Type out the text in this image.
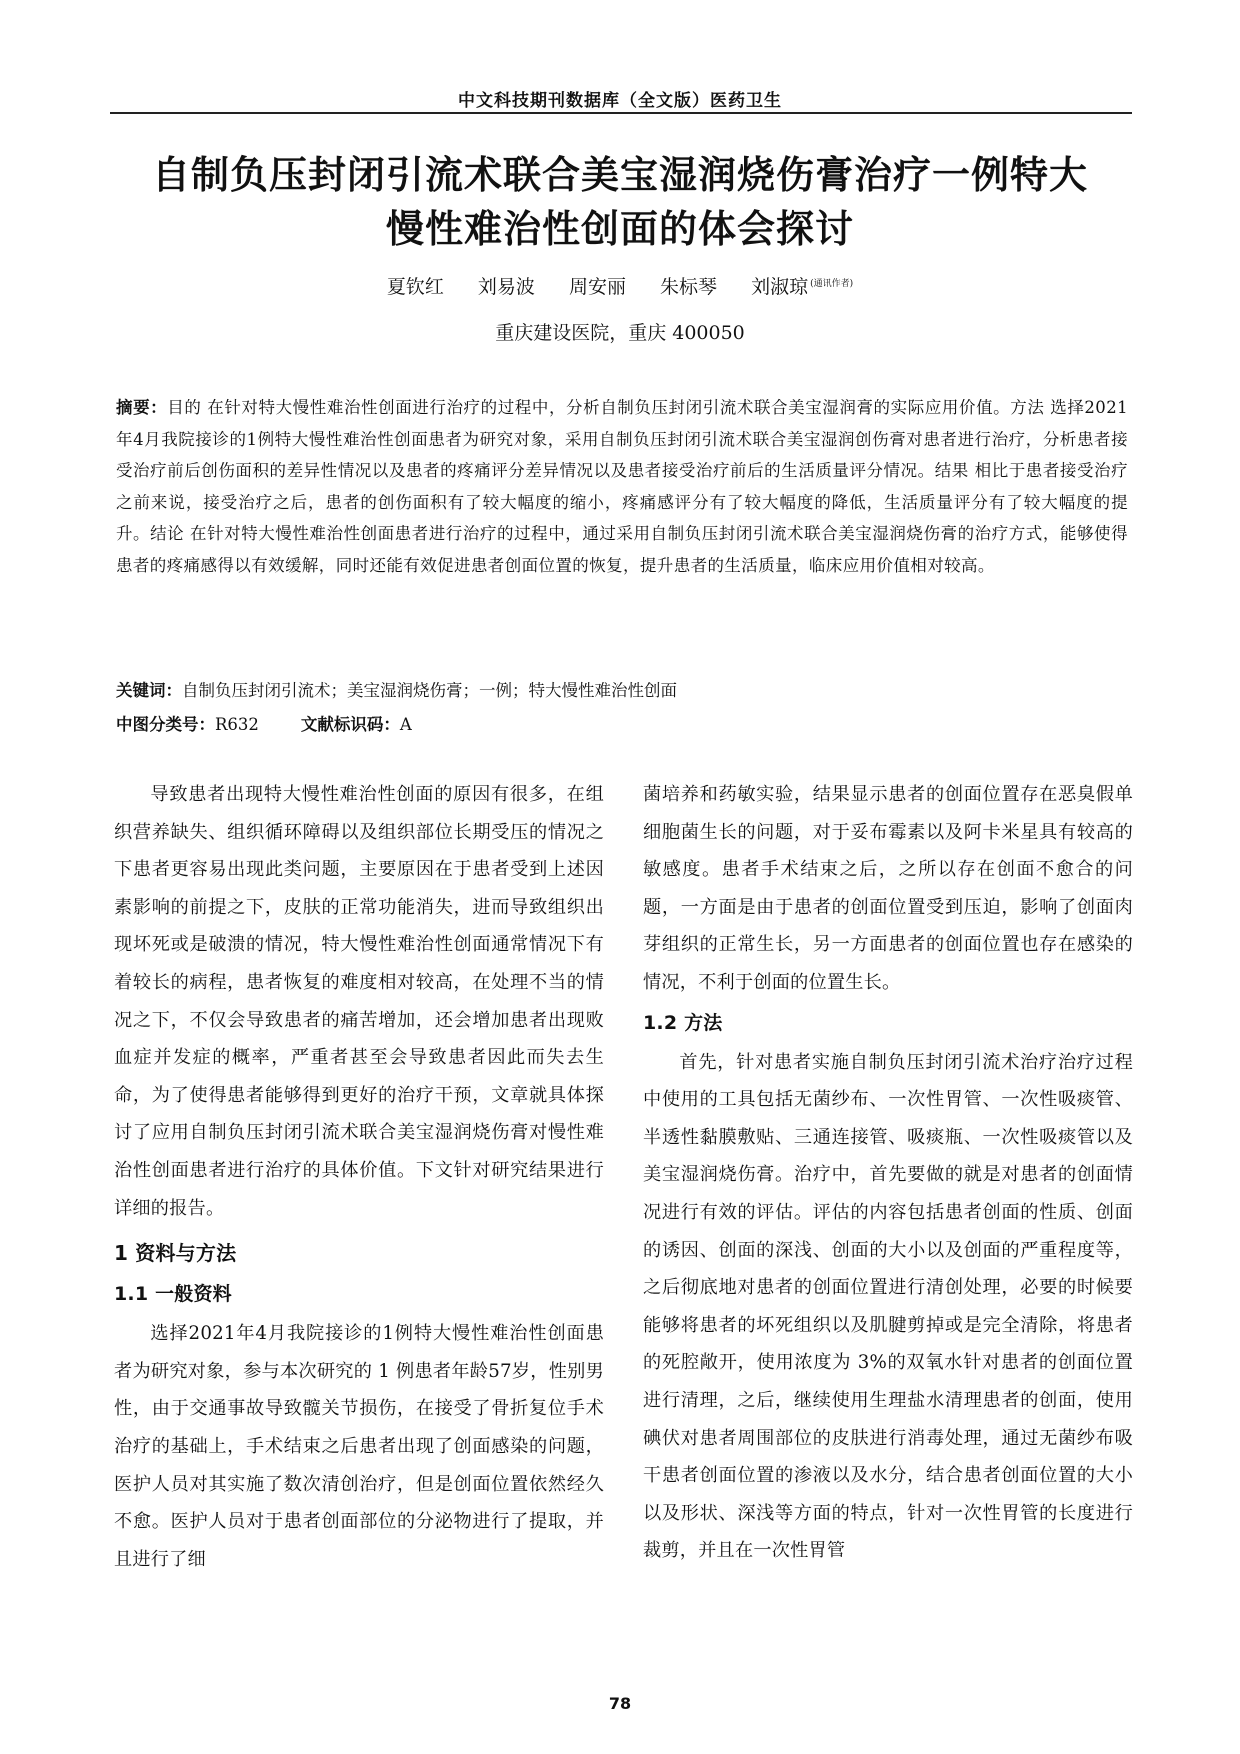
中文科技期刊数据库（全文版）医药卫生
自制负压封闭引流术联合美宝湿润烧伤膏治疗一例特大
慢性难治性创面的体会探讨
夏钦红 刘易波 周安丽 朱标琴 刘淑琼 $^{(通讯作者)}$
重庆建设医院，重庆 400050
摘要：目的 在针对特大慢性难治性创面进行治疗的过程中，分析自制负压封闭引流术联合美宝湿润膏的实际应用价值。方法 选择2021年4月我院接诊的1例特大慢性难治性创面患者为研究对象，采用自制负压封闭引流术联合美宝湿润创伤膏对患者进行治疗，分析患者接受治疗前后创伤面积的差异性情况以及患者的疼痛评分差异情况以及患者接受治疗前后的生活质量评分情况。结果 相比于患者接受治疗之前来说，接受治疗之后，患者的创伤面积有了较大幅度的缩小，疼痛感评分有了较大幅度的降低，生活质量评分有了较大幅度的提升。结论 在针对特大慢性难治性创面患者进行治疗的过程中，通过采用自制负压封闭引流术联合美宝湿润烧伤膏的治疗方式，能够使得患者的疼痛感得以有效缓解，同时还能有效促进患者创面位置的恢复，提升患者的生活质量，临床应用价值相对较高。
关键词：自制负压封闭引流术；美宝湿润烧伤膏；一例；特大慢性难治性创面
中图分类号：R632	文献标识码：A

导致患者出现特大慢性难治性创面的原因有很多，在组织营养缺失、组织循环障碍以及组织部位长期受压的情况之下患者更容易出现此类问题，主要原因在于患者受到上述因素影响的前提之下，皮肤的正常功能消失，进而导致组织出现坏死或是破溃的情况，特大慢性难治性创面通常情况下有着较长的病程，患者恢复的难度相对较高，在处理不当的情况之下，不仅会导致患者的痛苦增加，还会增加患者出现败血症并发症的概率，严重者甚至会导致患者因此而失去生命，为了使得患者能够得到更好的治疗干预，文章就具体探讨了应用自制负压封闭引流术联合美宝湿润烧伤膏对慢性难治性创面患者进行治疗的具体价值。下文针对研究结果进行详细的报告。

1 资料与方法
1.1 一般资料

选择2021年4月我院接诊的1例特大慢性难治性创面患者为研究对象，参与本次研究的 1 例患者年龄57岁，性别男性，由于交通事故导致髋关节损伤，在接受了骨折复位手术治疗的基础上，手术结束之后患者出现了创面感染的问题，医护人员对其实施了数次清创治疗，但是创面位置依然经久不愈。医护人员对于患者创面部位的分泌物进行了提取，并且进行了细

菌培养和药敏实验，结果显示患者的创面位置存在恶臭假单细胞菌生长的问题，对于妥布霉素以及阿卡米星具有较高的敏感度。患者手术结束之后，之所以存在创面不愈合的问题，一方面是由于患者的创面位置受到压迫，影响了创面肉芽组织的正常生长，另一方面患者的创面位置也存在感染的情况，不利于创面的位置生长。

1.2 方法

首先，针对患者实施自制负压封闭引流术治疗治疗过程中使用的工具包括无菌纱布、一次性胃管、一次性吸痰管、半透性黏膜敷贴、三通连接管、吸痰瓶、一次性吸痰管以及美宝湿润烧伤膏。治疗中，首先要做的就是对患者的创面情况进行有效的评估。评估的内容包括患者创面的性质、创面的诱因、创面的深浅、创面的大小以及创面的严重程度等，之后彻底地对患者的创面位置进行清创处理，必要的时候要能够将患者的坏死组织以及肌腱剪掉或是完全清除，将患者的死腔敞开，使用浓度为 3%的双氧水针对患者的创面位置进行清理，之后，继续使用生理盐水清理患者的创面，使用碘伏对患者周围部位的皮肤进行消毒处理，通过无菌纱布吸干患者创面位置的渗液以及水分，结合患者创面位置的大小以及形状、深浅等方面的特点，针对一次性胃管的长度进行裁剪，并且在一次性胃管

78
